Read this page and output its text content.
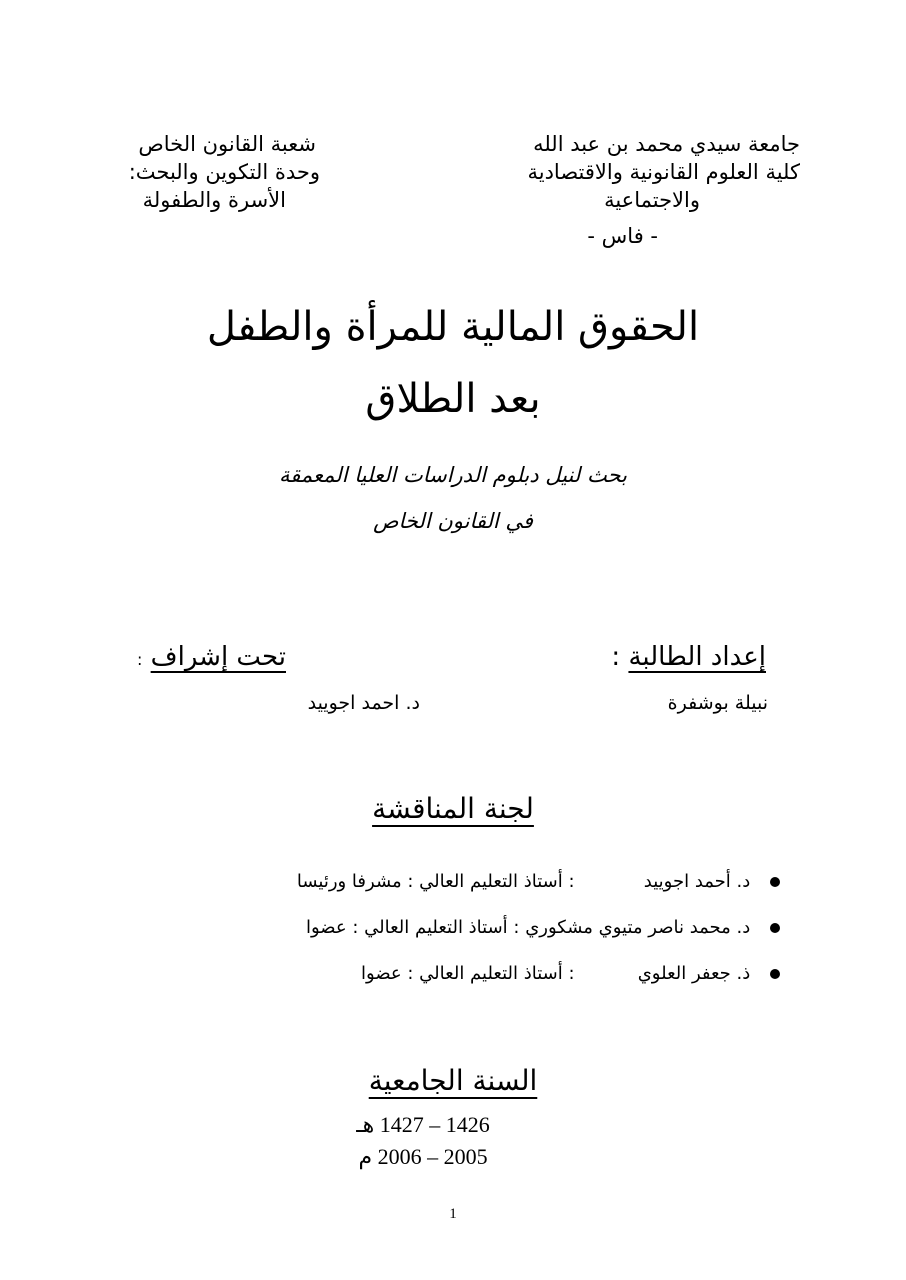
جامعة سيدي محمد بن عبد الله
كلية العلوم القانونية والاقتصادية
والاجتماعية
- فاس -
شعبة القانون الخاص
وحدة التكوين والبحث:
الأسرة والطفولة
الحقوق المالية للمرأة والطفل
بعد الطلاق
بحث لنيل دبلوم الدراسات العليا المعمقة
في القانون الخاص
إعداد الطالبة :
نبيلة بوشفرة
تحت إشراف :
د. احمد اجوييد
لجنة المناقشة
د. أحمد اجوييد : أستاذ التعليم العالي : مشرفا ورئيسا
د. محمد ناصر متيوي مشكوري : أستاذ التعليم العالي : عضوا
ذ. جعفر العلوي : أستاذ التعليم العالي : عضوا
السنة الجامعية
1426 – 1427 هـ
2005 – 2006 م
1
